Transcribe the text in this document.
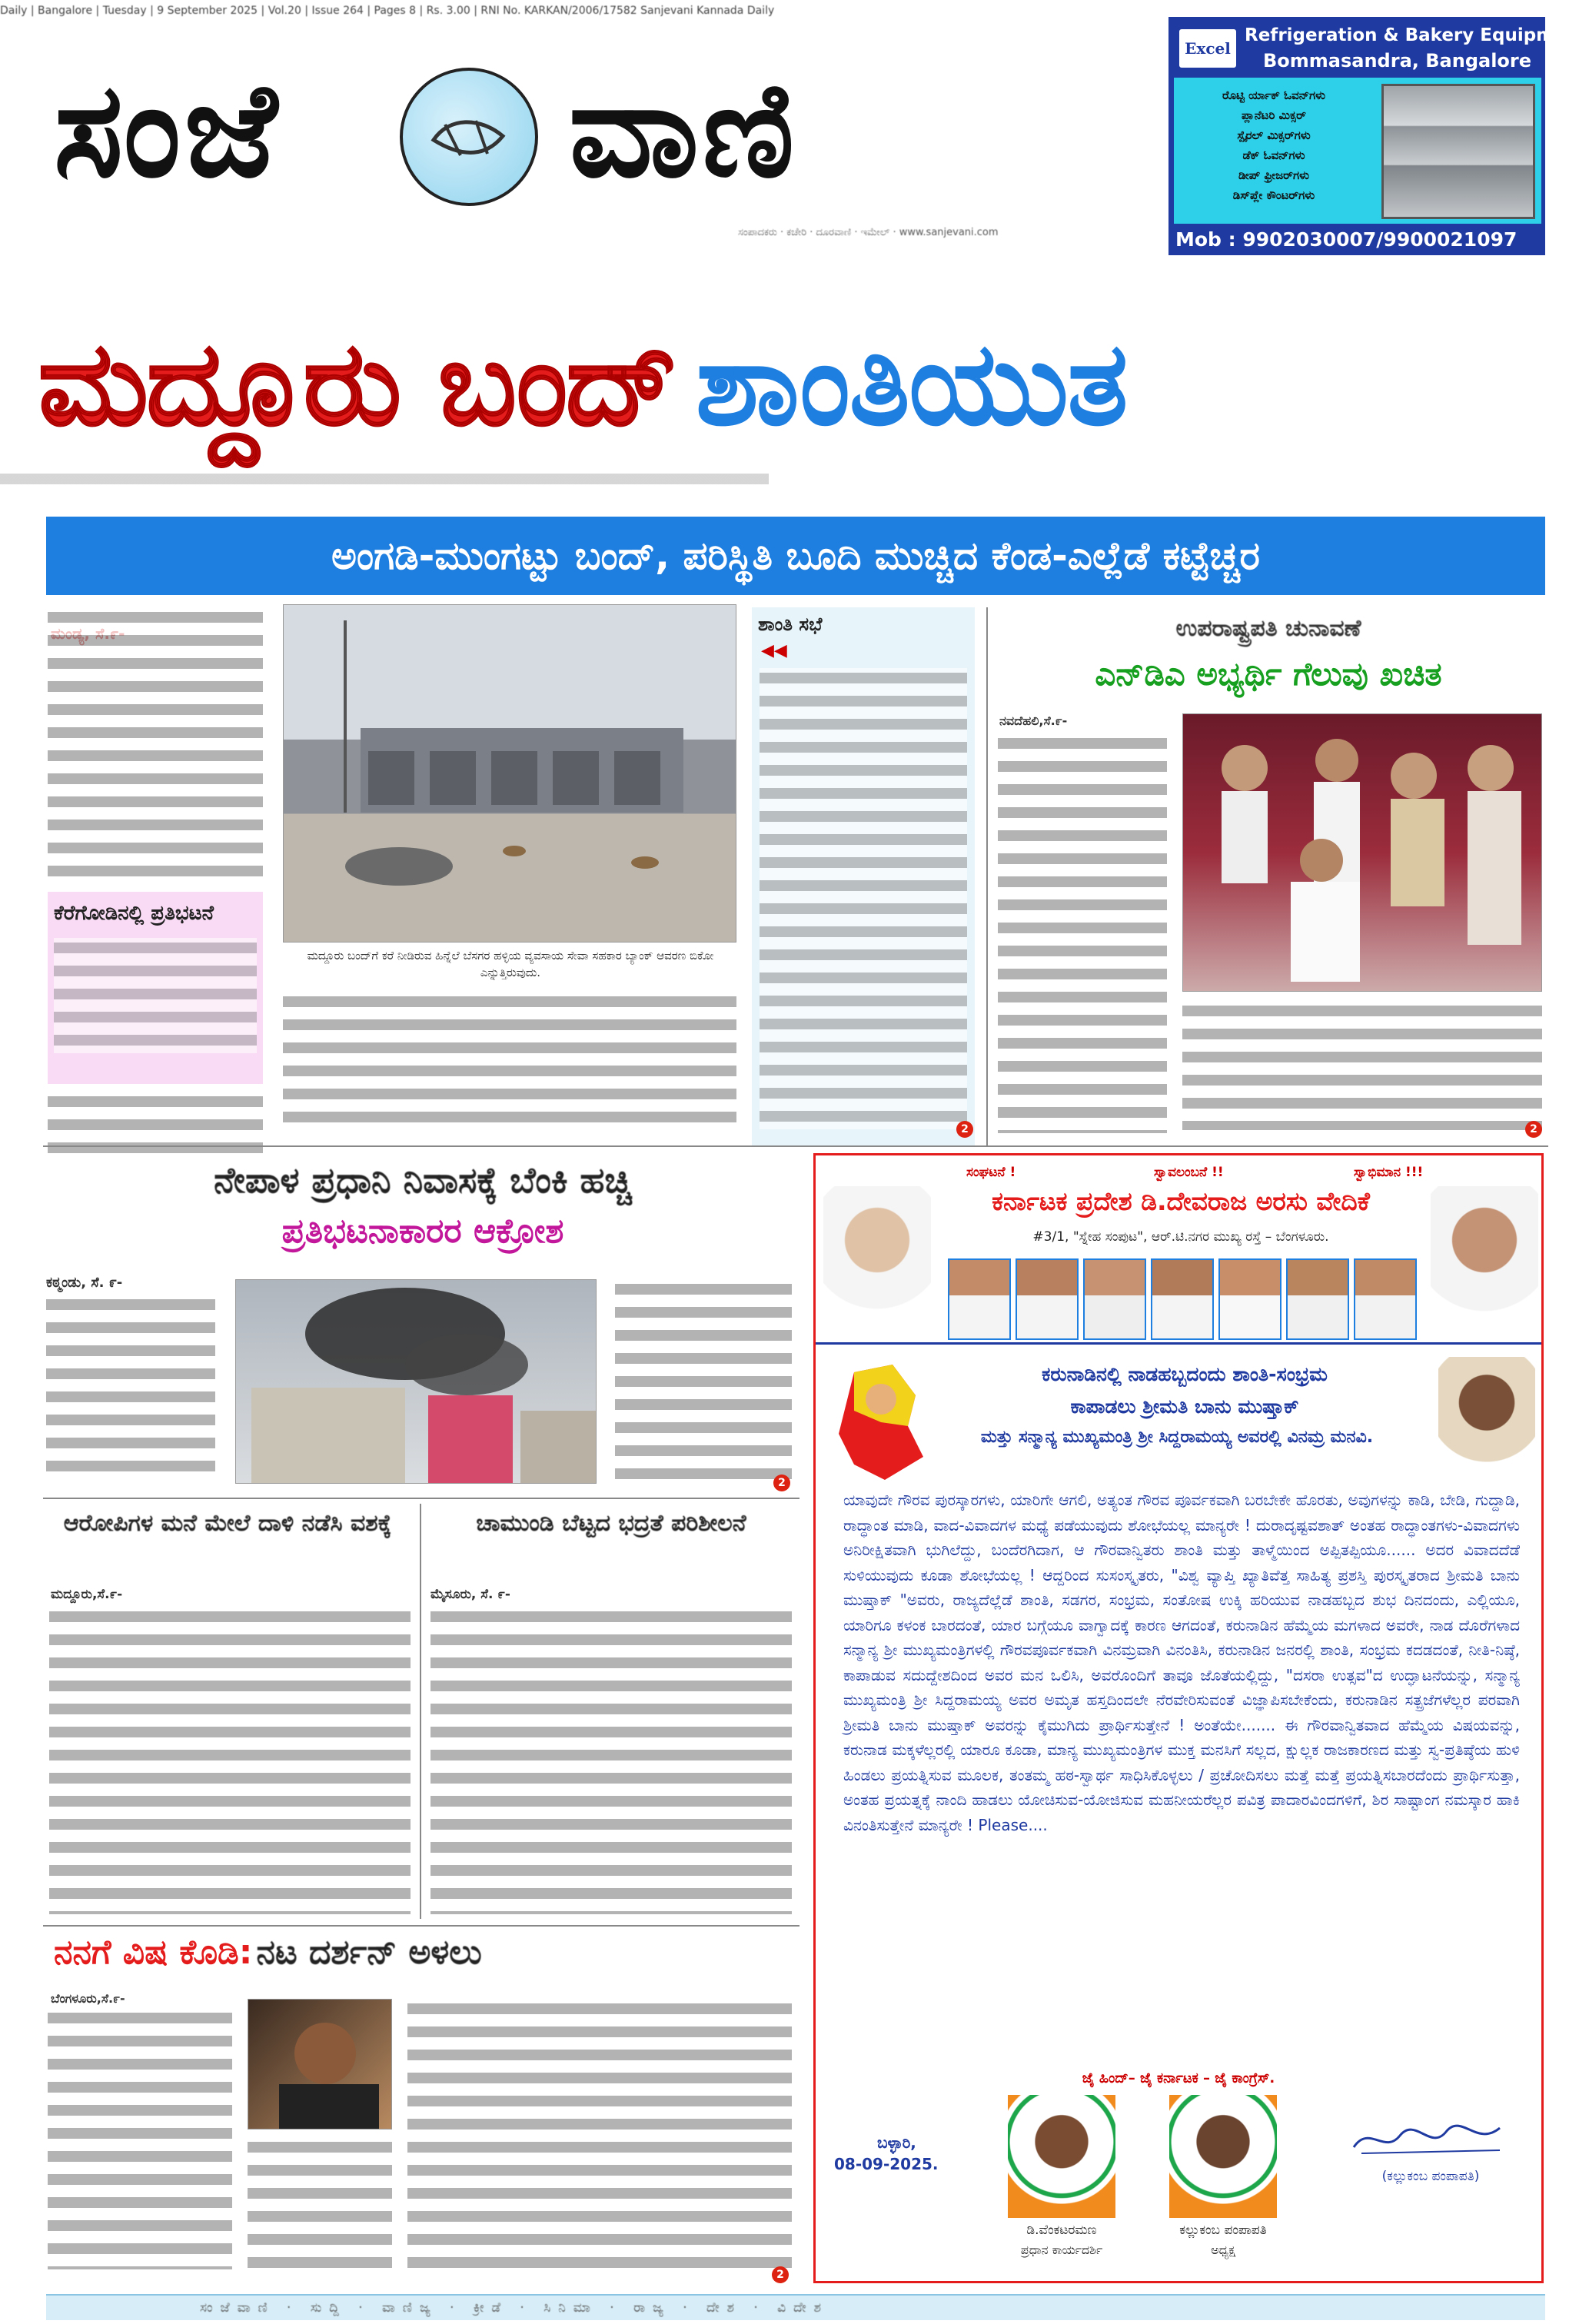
Daily | Bangalore | Tuesday | 9 September 2025 | Vol.20 | Issue 264 | Pages 8 | Rs. 3.00 | RNI No. KARKAN/2006/17582 Sanjevani Kannada Daily
ಸಂಜೆ ವಾಣಿ
ಸಂಪಾದಕರು · ಕಚೇರಿ · ದೂರವಾಣಿ · ಇಮೇಲ್ · www.sanjevani.com
Excel
Refrigeration & Bakery Equipment
Bommasandra, Bangalore
ರೊಟ್ಟಿ ರ್ಯಾಕ್ ಓವನ್‌ಗಳು
ಪ್ಲಾನೆಟರಿ ಮಿಕ್ಸರ್
ಸ್ಪೈರಲ್ ಮಿಕ್ಸರ್‌ಗಳು
ಡೆಕ್ ಓವನ್‌ಗಳು
ಡೀಪ್ ಫ್ರೀಜರ್‌ಗಳು
ಡಿಸ್‌ಪ್ಲೇ ಕೌಂಟರ್‌ಗಳು
Mob : 9902030007/9900021097
ಮದ್ದೂರು ಬಂದ್ ಶಾಂತಿಯುತ
ಅಂಗಡಿ-ಮುಂಗಟ್ಟು ಬಂದ್, ಪರಿಸ್ಥಿತಿ ಬೂದಿ ಮುಚ್ಚಿದ ಕೆಂಡ-ಎಲ್ಲೆಡೆ ಕಟ್ಟೆಚ್ಚರ
ಕೆರೆಗೋಡಿನಲ್ಲಿ ಪ್ರತಿಭಟನೆ
ಮದ್ದೂರು ಬಂದ್‌ಗೆ ಕರೆ ನೀಡಿರುವ ಹಿನ್ನೆಲೆ ಬೆಸಗರ ಹಳ್ಳಿಯ ವ್ಯವಸಾಯ ಸೇವಾ ಸಹಕಾರ ಬ್ಯಾಂಕ್ ಆವರಣ ಬಿಕೋ ಎನ್ನುತ್ತಿರುವುದು.
ಶಾಂತಿ ಸಭೆ
◀◀
2
ಉಪರಾಷ್ಟ್ರಪತಿ ಚುನಾವಣೆ
ಎನ್‌ಡಿಎ ಅಭ್ಯರ್ಥಿ ಗೆಲುವು ಖಚಿತ
ನವದೆಹಲಿ,ಸೆ.೯-
2
ನೇಪಾಳ ಪ್ರಧಾನಿ ನಿವಾಸಕ್ಕೆ ಬೆಂಕಿ ಹಚ್ಚಿ
ಪ್ರತಿಭಟನಾಕಾರರ ಆಕ್ರೋಶ
ಕಠ್ಮಂಡು, ಸೆ. ೯-
2
ಆರೋಪಿಗಳ ಮನೆ ಮೇಲೆ ದಾಳಿ ನಡೆಸಿ ವಶಕ್ಕೆ
ಮದ್ದೂರು,ಸೆ.೯-
ಚಾಮುಂಡಿ ಬೆಟ್ಟದ ಭದ್ರತೆ ಪರಿಶೀಲನೆ
ಮೈಸೂರು, ಸೆ. ೯-
ನನಗೆ ವಿಷ ಕೊಡಿ: ನಟ ದರ್ಶನ್ ಅಳಲು
ಬೆಂಗಳೂರು,ಸೆ.೯-
2
ಸಂಘಟನೆ !	ಸ್ವಾವಲಂಬನೆ !!	ಸ್ವಾಭಿಮಾನ !!!
ಕರ್ನಾಟಕ ಪ್ರದೇಶ ಡಿ.ದೇವರಾಜ ಅರಸು ವೇದಿಕೆ
#3/1, "ಸ್ನೇಹ ಸಂಪುಟ", ಆರ್.ಟಿ.ನಗರ ಮುಖ್ಯ ರಸ್ತೆ – ಬೆಂಗಳೂರು.
ಕರುನಾಡಿನಲ್ಲಿ ನಾಡಹಬ್ಬದಂದು ಶಾಂತಿ-ಸಂಭ್ರಮ
ಕಾಪಾಡಲು ಶ್ರೀಮತಿ ಬಾನು ಮುಷ್ತಾಕ್
ಮತ್ತು ಸನ್ಮಾನ್ಯ ಮುಖ್ಯಮಂತ್ರಿ ಶ್ರೀ ಸಿದ್ದರಾಮಯ್ಯ ಅವರಲ್ಲಿ ವಿನಮ್ರ ಮನವಿ.
ಯಾವುದೇ ಗೌರವ ಪುರಸ್ಕಾರಗಳು, ಯಾರಿಗೇ ಆಗಲಿ, ಅತ್ಯಂತ ಗೌರವ ಪೂರ್ವಕವಾಗಿ ಬರಬೇಕೇ ಹೊರತು, ಅವುಗಳನ್ನು ಕಾಡಿ, ಬೇಡಿ, ಗುದ್ದಾಡಿ, ರಾದ್ಧಾಂತ ಮಾಡಿ, ವಾದ-ವಿವಾದಗಳ ಮಧ್ಯೆ ಪಡೆಯುವುದು ಶೋಭೆಯಲ್ಲ ಮಾನ್ಯರೇ ! ದುರಾದೃಷ್ಟವಶಾತ್ ಅಂತಹ ರಾದ್ಧಾಂತಗಳು-ವಿವಾದಗಳು ಅನಿರೀಕ್ಷಿತವಾಗಿ ಭುಗಿಲೆದ್ದು, ಬಂದೆರಗಿದಾಗ, ಆ ಗೌರವಾನ್ವಿತರು ಶಾಂತಿ ಮತ್ತು ತಾಳ್ಮೆಯಿಂದ ಅಪ್ಪಿತಪ್ಪಿಯೂ...... ಅದರ ವಿವಾದದೆಡೆ ಸುಳಿಯುವುದು ಕೂಡಾ ಶೋಭೆಯಲ್ಲ ! ಆದ್ದರಿಂದ ಸುಸಂಸ್ಕೃತರು, "ವಿಶ್ವ ವ್ಯಾಪ್ತಿ ಖ್ಯಾತಿವೆತ್ತ ಸಾಹಿತ್ಯ ಪ್ರಶಸ್ತಿ ಪುರಸ್ಕೃತರಾದ ಶ್ರೀಮತಿ ಬಾನು ಮುಷ್ತಾಕ್ "ಅವರು, ರಾಜ್ಯದೆಲ್ಲೆಡೆ ಶಾಂತಿ, ಸಡಗರ, ಸಂಭ್ರಮ, ಸಂತೋಷ ಉಕ್ಕಿ ಹರಿಯುವ ನಾಡಹಬ್ಬದ ಶುಭ ದಿನದಂದು, ಎಲ್ಲಿಯೂ, ಯಾರಿಗೂ ಕಳಂಕ ಬಾರದಂತೆ, ಯಾರ ಬಗ್ಗೆಯೂ ವಾಗ್ವಾದಕ್ಕೆ ಕಾರಣ ಆಗದಂತೆ, ಕರುನಾಡಿನ ಹೆಮ್ಮೆಯ ಮಗಳಾದ ಅವರೇ, ನಾಡ ದೊರೆಗಳಾದ ಸನ್ಮಾನ್ಯ ಶ್ರೀ ಮುಖ್ಯಮಂತ್ರಿಗಳಲ್ಲಿ ಗೌರವಪೂರ್ವಕವಾಗಿ ವಿನಮ್ರವಾಗಿ ವಿನಂತಿಸಿ, ಕರುನಾಡಿನ ಜನರಲ್ಲಿ ಶಾಂತಿ, ಸಂಭ್ರಮ ಕದಡದಂತೆ, ನೀತಿ-ನಿಷ್ಠೆ, ಕಾಪಾಡುವ ಸದುದ್ದೇಶದಿಂದ ಅವರ ಮನ ಒಲಿಸಿ, ಅವರೊಂದಿಗೆ ತಾವೂ ಜೊತೆಯಲ್ಲಿದ್ದು, "ದಸರಾ ಉತ್ಸವ"ದ ಉದ್ಘಾಟನೆಯನ್ನು, ಸನ್ಮಾನ್ಯ ಮುಖ್ಯಮಂತ್ರಿ ಶ್ರೀ ಸಿದ್ದರಾಮಯ್ಯ ಅವರ ಅಮೃತ ಹಸ್ತದಿಂದಲೇ ನೆರವೇರಿಸುವಂತೆ ವಿಜ್ಞಾಪಿಸಬೇಕೆಂದು, ಕರುನಾಡಿನ ಸತ್ಪ್ರಜೆಗಳೆಲ್ಲರ ಪರವಾಗಿ ಶ್ರೀಮತಿ ಬಾನು ಮುಷ್ತಾಕ್ ಅವರನ್ನು ಕೈಮುಗಿದು ಪ್ರಾರ್ಥಿಸುತ್ತೇನೆ ! ಅಂತೆಯೇ....... ಈ ಗೌರವಾನ್ವಿತವಾದ ಹೆಮ್ಮೆಯ ವಿಷಯವನ್ನು, ಕರುನಾಡ ಮಕ್ಕಳೆಲ್ಲರಲ್ಲಿ ಯಾರೂ ಕೂಡಾ, ಮಾನ್ಯ ಮುಖ್ಯಮಂತ್ರಿಗಳ ಮುಕ್ತ ಮನಸಿಗೆ ಸಲ್ಲದ, ಕ್ಷುಲ್ಲಕ ರಾಜಕಾರಣದ ಮತ್ತು ಸ್ವ-ಪ್ರತಿಷ್ಠೆಯ ಹುಳಿ ಹಿಂಡಲು ಪ್ರಯತ್ನಿಸುವ ಮೂಲಕ, ತಂತಮ್ಮ ಹಠ-ಸ್ವಾರ್ಥ ಸಾಧಿಸಿಕೊಳ್ಳಲು / ಪ್ರಚೋದಿಸಲು ಮತ್ತೆ ಮತ್ತೆ ಪ್ರಯತ್ನಿಸಬಾರದೆಂದು ಪ್ರಾರ್ಥಿಸುತ್ತಾ, ಅಂತಹ ಪ್ರಯತ್ನಕ್ಕೆ ನಾಂದಿ ಹಾಡಲು ಯೋಚಿಸುವ-ಯೋಜಿಸುವ ಮಹನೀಯರೆಲ್ಲರ ಪವಿತ್ರ ಪಾದಾರವಿಂದಗಳಿಗೆ, ಶಿರ ಸಾಷ್ಟಾಂಗ ನಮಸ್ಕಾರ ಹಾಕಿ ವಿನಂತಿಸುತ್ತೇನೆ ಮಾನ್ಯರೇ ! Please....
ಜೈ ಹಿಂದ್– ಜೈ ಕರ್ನಾಟಕ – ಜೈ ಕಾಂಗ್ರೆಸ್.
ಬಳ್ಳಾರಿ,
08-09-2025.
ಡಿ.ವೆಂಕಟರಮಣ
ಪ್ರಧಾನ ಕಾರ್ಯದರ್ಶಿ
ಕಲ್ಲುಕಂಬ ಪಂಪಾಪತಿ
ಅಧ್ಯಕ್ಷ
(ಕಲ್ಲುಕಂಬ ಪಂಪಾಪತಿ)
ಸಂಜೆವಾಣಿ · ಸುದ್ದಿ · ವಾಣಿಜ್ಯ · ಕ್ರೀಡೆ · ಸಿನಿಮಾ · ರಾಜ್ಯ · ದೇಶ · ವಿದೇಶ
